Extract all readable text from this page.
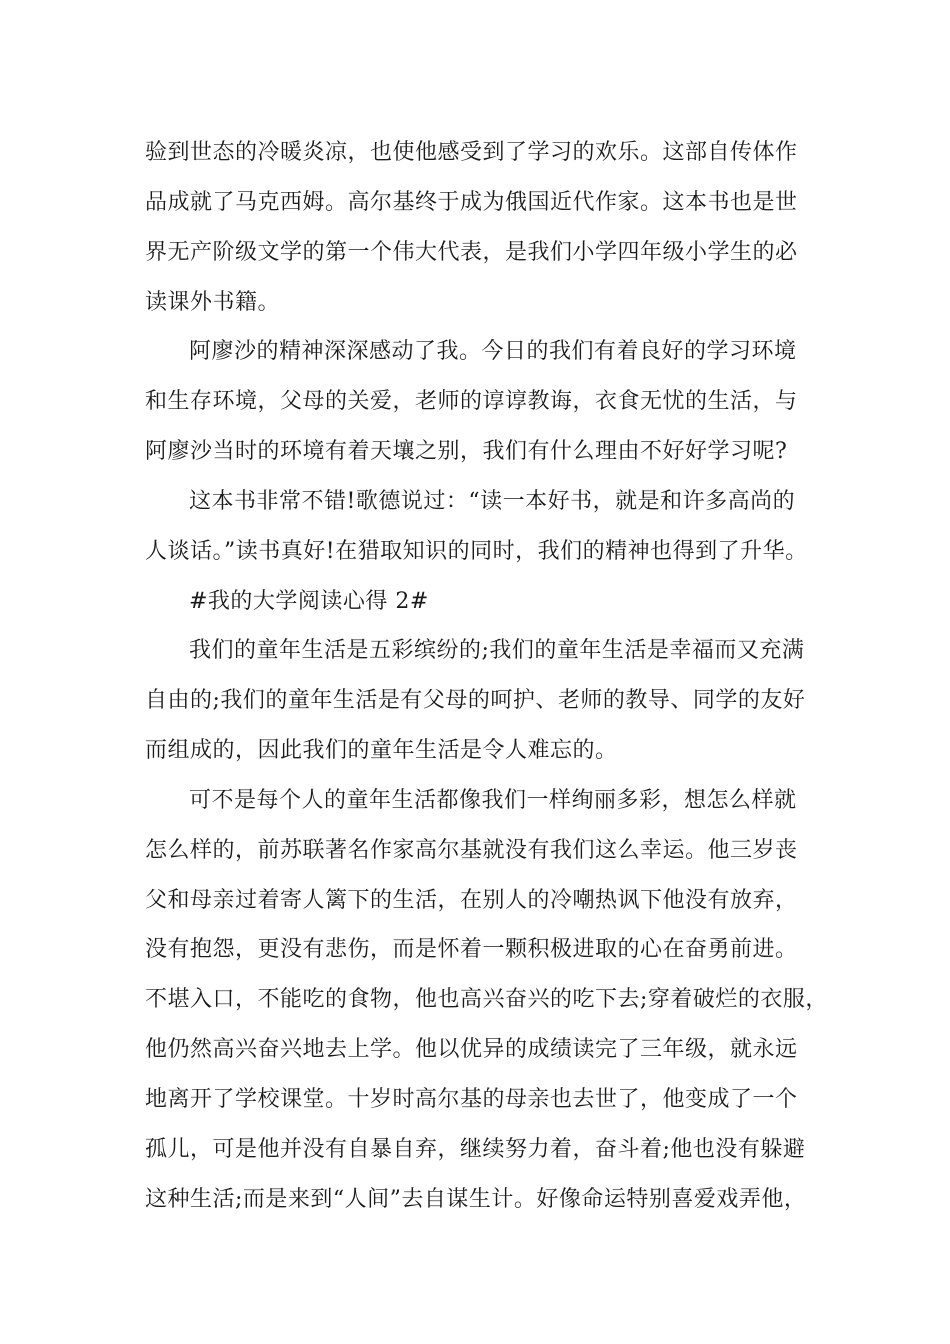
验到世态的冷暖炎凉，也使他感受到了学习的欢乐。这部自传体作
品成就了马克西姆。高尔基终于成为俄国近代作家。这本书也是世
界无产阶级文学的第一个伟大代表，是我们小学四年级小学生的必
读课外书籍。
阿廖沙的精神深深感动了我。今日的我们有着良好的学习环境
和生存环境，父母的关爱，老师的谆谆教诲，衣食无忧的生活，与
阿廖沙当时的环境有着天壤之别，我们有什么理由不好好学习呢?
这本书非常不错!歌德说过：“读一本好书，就是和许多高尚的
人谈话。”读书真好!在猎取知识的同时，我们的精神也得到了升华。
#我的大学阅读心得 2#
我们的童年生活是五彩缤纷的;我们的童年生活是幸福而又充满
自由的;我们的童年生活是有父母的呵护、老师的教导、同学的友好
而组成的，因此我们的童年生活是令人难忘的。
可不是每个人的童年生活都像我们一样绚丽多彩，想怎么样就
怎么样的，前苏联著名作家高尔基就没有我们这么幸运。他三岁丧
父和母亲过着寄人篱下的生活，在别人的冷嘲热讽下他没有放弃，
没有抱怨，更没有悲伤，而是怀着一颗积极进取的心在奋勇前进。
不堪入口，不能吃的食物，他也高兴奋兴的吃下去;穿着破烂的衣服，
他仍然高兴奋兴地去上学。他以优异的成绩读完了三年级，就永远
地离开了学校课堂。十岁时高尔基的母亲也去世了，他变成了一个
孤儿，可是他并没有自暴自弃，继续努力着，奋斗着;他也没有躲避
这种生活;而是来到“人间”去自谋生计。好像命运特别喜爱戏弄他，
